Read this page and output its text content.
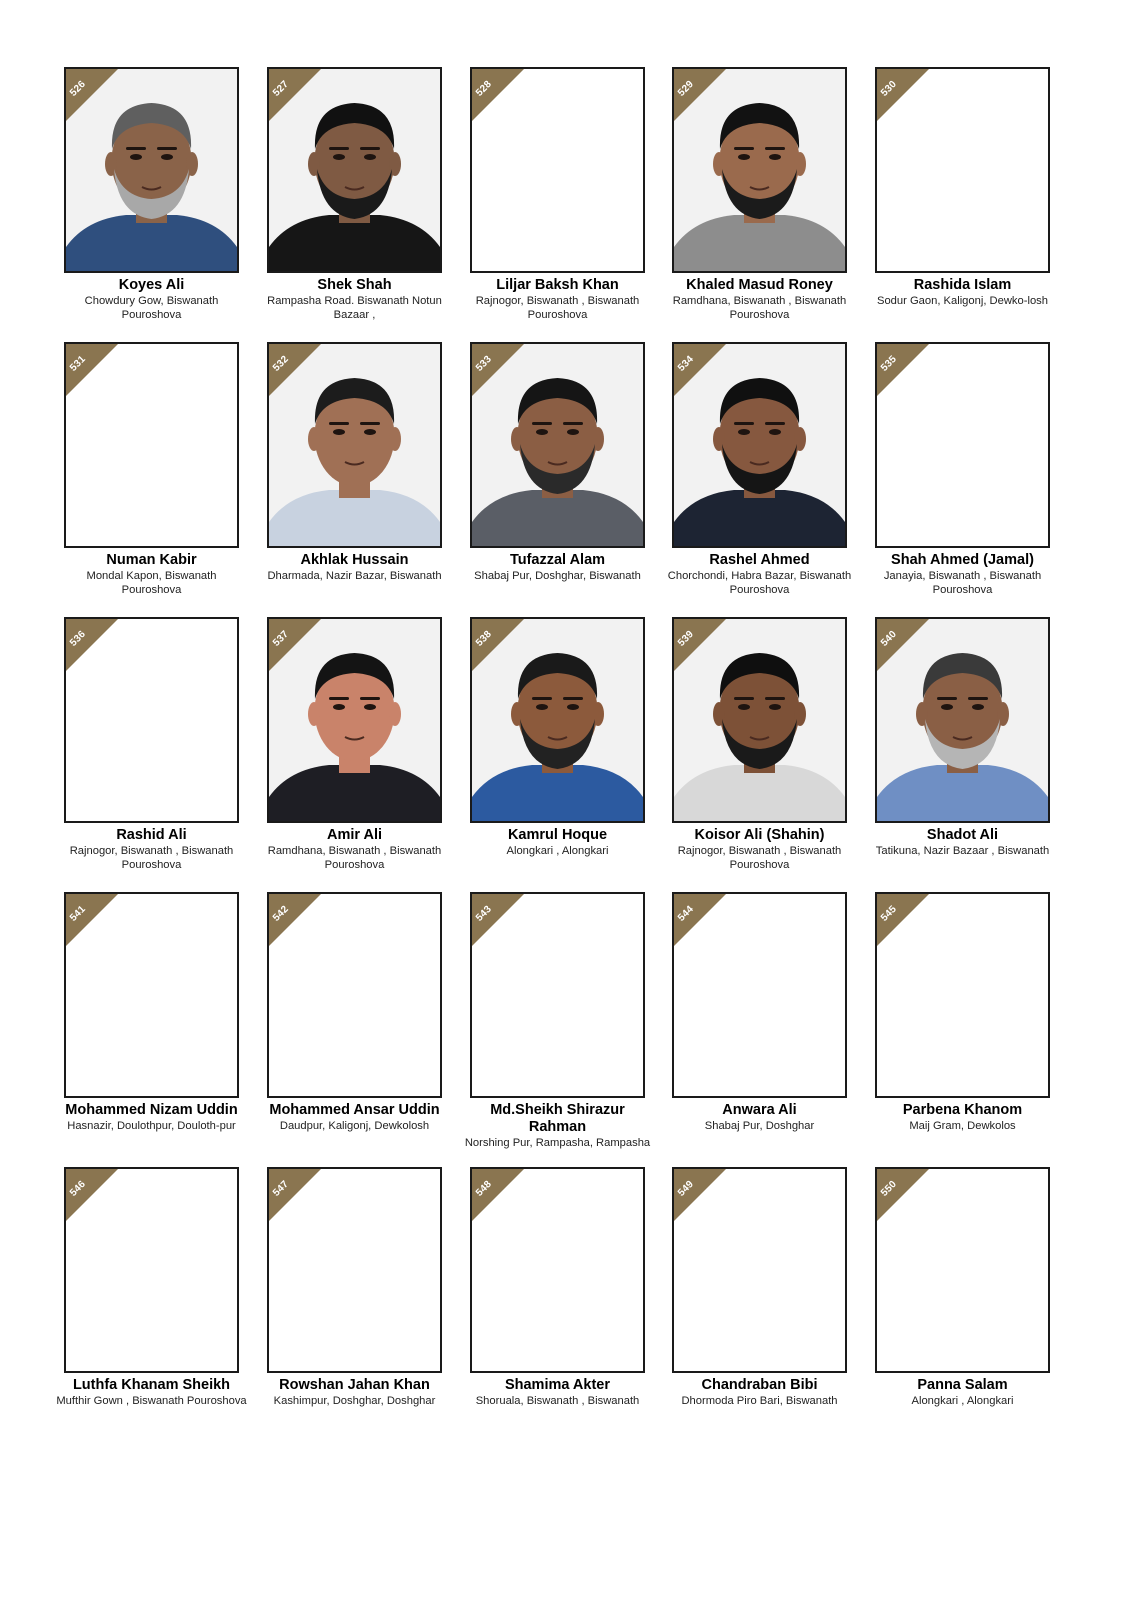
526
Koyes Ali
Chowdury Gow, Biswanath Pouroshova
527
Shek Shah
Rampasha Road. Biswanath Notun Bazaar ,
528
Liljar Baksh Khan
Rajnogor, Biswanath , Biswanath Pouroshova
529
Khaled Masud Roney
Ramdhana, Biswanath , Biswanath Pouroshova
530
Rashida Islam
Sodur Gaon, Kaligonj, Dewko-losh
531
Numan Kabir
Mondal Kapon, Biswanath Pouroshova
532
Akhlak Hussain
Dharmada, Nazir Bazar, Biswanath
533
Tufazzal Alam
Shabaj Pur, Doshghar, Biswanath
534
Rashel Ahmed
Chorchondi, Habra Bazar, Biswanath Pouroshova
535
Shah Ahmed (Jamal)
Janayia, Biswanath , Biswanath Pouroshova
536
Rashid Ali
Rajnogor, Biswanath , Biswanath Pouroshova
537
Amir Ali
Ramdhana, Biswanath , Biswanath Pouroshova
538
Kamrul Hoque
Alongkari , Alongkari
539
Koisor Ali (Shahin)
Rajnogor, Biswanath , Biswanath Pouroshova
540
Shadot Ali
Tatikuna, Nazir Bazaar , Biswanath
541
Mohammed Nizam Uddin
Hasnazir, Doulothpur, Douloth-pur
542
Mohammed Ansar Uddin
Daudpur, Kaligonj, Dewkolosh
543
Md.Sheikh Shirazur Rahman
Norshing Pur, Rampasha, Rampasha
544
Anwara Ali
Shabaj Pur, Doshghar
545
Parbena Khanom
Maij Gram, Dewkolos
546
Luthfa Khanam Sheikh
Mufthir Gown , Biswanath Pouroshova
547
Rowshan Jahan Khan
Kashimpur, Doshghar, Doshghar
548
Shamima Akter
Shoruala, Biswanath , Biswanath
549
Chandraban Bibi
Dhormoda Piro Bari, Biswanath
550
Panna Salam
Alongkari , Alongkari
